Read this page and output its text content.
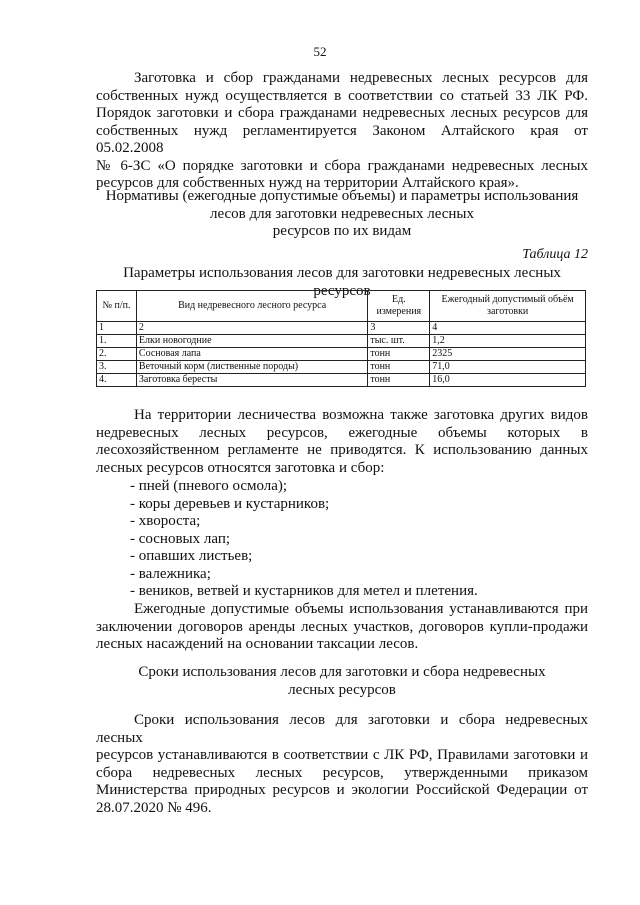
52

Заготовка и сбор гражданами недревесных лесных ресурсов для

собственных нужд осуществляется в соответствии со статьей 33 ЛК РФ.

Порядок заготовки и сбора гражданами недревесных лесных ресурсов для

собственных нужд регламентируется Законом Алтайского края от 05.02.2008

№ 6-ЗС «О порядке заготовки и сбора гражданами недревесных лесных

ресурсов для собственных нужд на территории Алтайского края».

Нормативы (ежегодные допустимые объемы) и параметры использования

лесов для заготовки недревесных лесных

ресурсов по их видам

Таблица 12
Параметры использования лесов для заготовки недревесных лесных ресурсов
№ п/п.	Вид недревесного лесного ресурса	Ед. измерения	Ежегодный допустимый объём заготовки
1	2	3	4
1.	Елки новогодние	тыс. шт.	1,2
2.	Сосновая лапа	тонн	2325
3.	Веточный корм (лиственные породы)	тонн	71,0
4.	Заготовка бересты	тонн	16,0

На территории лесничества возможна также заготовка других видов

недревесных лесных ресурсов, ежегодные объемы которых в

лесохозяйственном регламенте не приводятся. К использованию данных

лесных ресурсов относятся заготовка и сбор:

- пней (пневого осмола);

- коры деревьев и кустарников;

- хвороста;

- сосновых лап;

- опавших листьев;

- валежника;

- веников, ветвей и кустарников для метел и плетения.

Ежегодные допустимые объемы использования устанавливаются при

заключении договоров аренды лесных участков, договоров купли-продажи

лесных насаждений на основании таксации лесов.

Сроки использования лесов для заготовки и сбора недревесных

лесных ресурсов

Сроки использования лесов для заготовки и сбора недревесных лесных

ресурсов устанавливаются в соответствии с ЛК РФ, Правилами заготовки и

сбора недревесных лесных ресурсов, утвержденными приказом

Министерства природных ресурсов и экологии Российской Федерации от

28.07.2020 № 496.
